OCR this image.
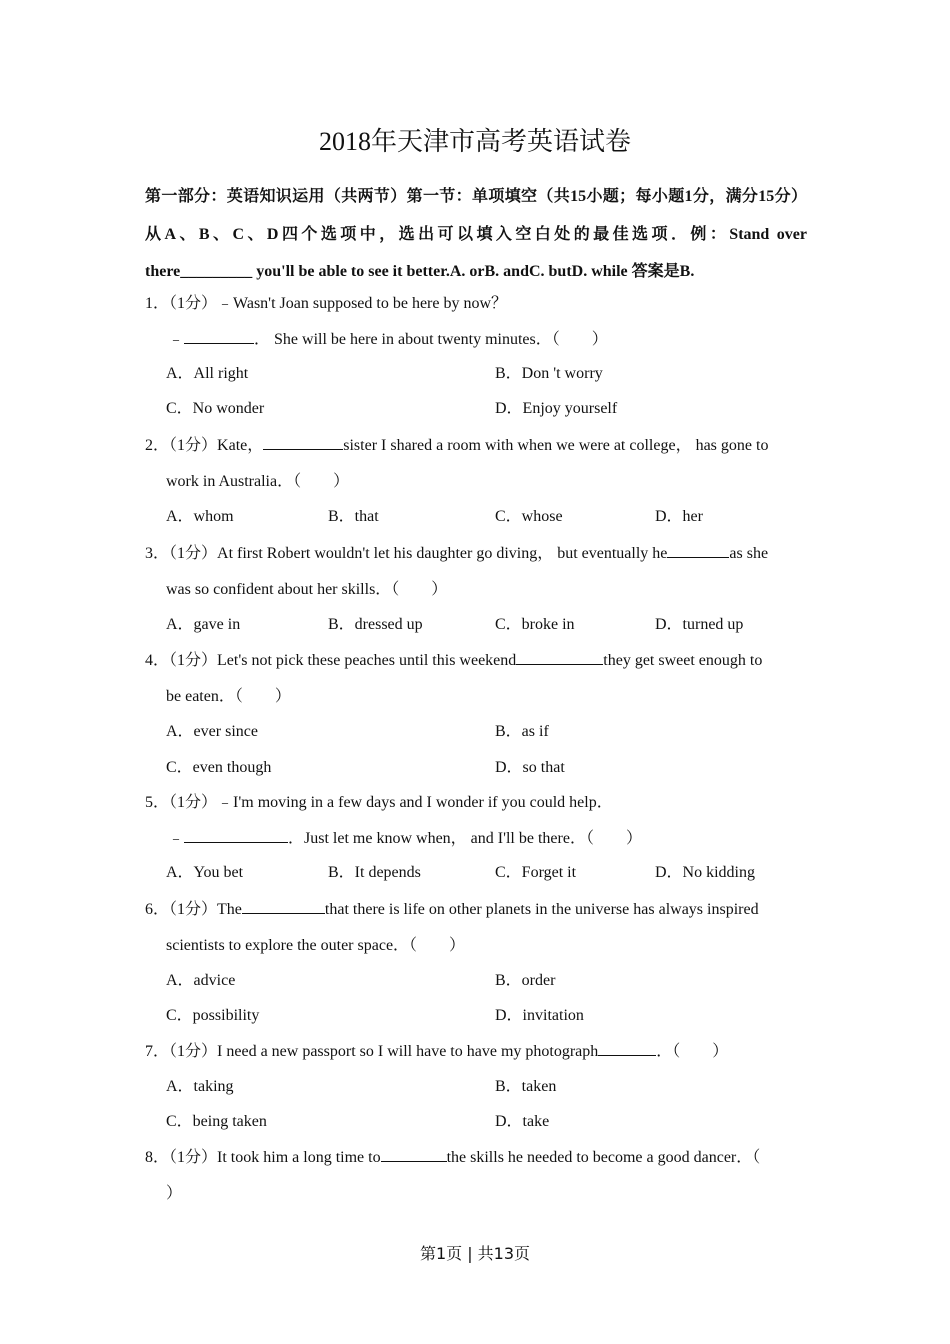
2018年天津市高考英语试卷
第一部分：英语知识运用（共两节）第一节：单项填空（共15小题；每小题1分，满分15分）从A、B、C、D四个选项中，选出可以填入空白处的最佳选项．例：Stand over there_________ you'll be able to see it better.A. orB. andC. butD. while 答案是B.
1．（1分）﹣Wasn't Joan supposed to be here by now？
﹣	． She will be here in about twenty minutes．（　　）
A．All right	B．Don 't worry
C．No wonder	D．Enjoy yourself
2．（1分）Kate，	sister I shared a room with when we were at college， has gone to
work in Australia．（　　）
A．whom	B．that	C．whose	D．her
3．（1分）At first Robert wouldn't let his daughter go diving， but eventually he	as she
was so confident about her skills．（　　）
A．gave in	B．dressed up	C．broke in	D．turned up
4．（1分）Let's not pick these peaches until this weekend	they get sweet enough to
be eaten．（　　）
A．ever since	B．as if
C．even though	D．so that
5．（1分）﹣I'm moving in a few days and I wonder if you could help．
﹣	．Just let me know when， and I'll be there．（　　）
A．You bet	B．It depends	C．Forget it	D．No kidding
6．（1分）The	that there is life on other planets in the universe has always inspired
scientists to explore the outer space．（　　）
A．advice	B．order
C．possibility	D．invitation
7．（1分）I need a new passport so I will have to have my photograph	．（　　）
A．taking	B．taken
C．being taken	D．take
8．（1分）It took him a long time to	the skills he needed to become a good dancer．（
）
第1页 | 共13页
